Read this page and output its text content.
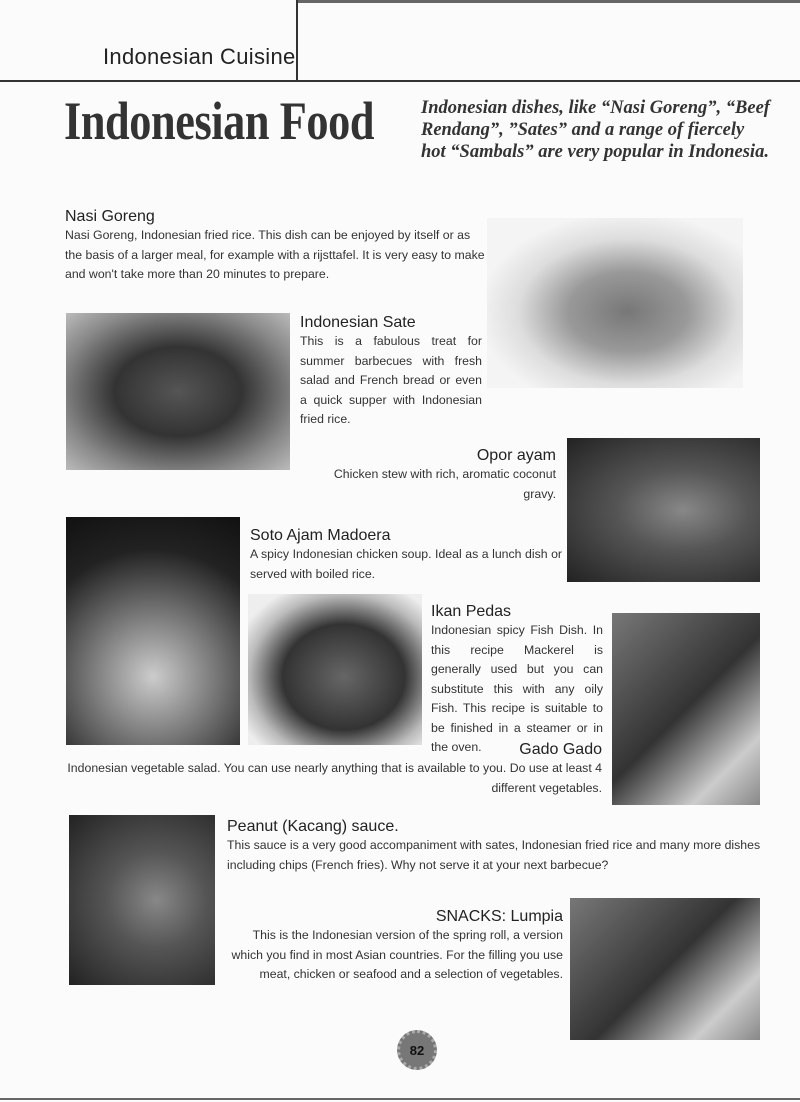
Indonesian Cuisine
Indonesian Food	Indonesian dishes, like “Nasi Goreng”, “Beef Rendang”, ”Sates” and a range of fiercely hot “Sambals” are very popular in Indonesia.
Nasi Goreng

Nasi Goreng, Indonesian fried rice. This dish can be enjoyed by itself or as the basis of a larger meal, for example with a rijsttafel. It is very easy to make and won't take more than 20 minutes to prepare.

Indonesian Sate

This is a fabulous treat for summer barbecues with fresh salad and French bread or even a quick supper with Indonesian fried rice.

Opor ayam

Chicken stew with rich, aromatic coconut gravy.

Soto Ajam Madoera

A spicy Indonesian chicken soup. Ideal as a lunch dish or served with boiled rice.

Ikan Pedas

Indonesian spicy Fish Dish. In this recipe Mackerel is generally used but you can substitute this with any oily Fish. This recipe is suitable to be finished in a steamer or in the oven.	Gado Gado

Indonesian vegetable salad. You can use nearly anything that is available to you. Do use at least 4 different vegetables.

Peanut (Kacang) sauce.

This sauce is a very good accompaniment with sates, Indonesian fried rice and many more dishes including chips (French fries). Why not serve it at your next barbecue?

SNACKS: Lumpia

This is the Indonesian version of the spring roll, a version which you find in most Asian countries. For the filling you use meat, chicken or seafood and a selection of vegetables.

82
